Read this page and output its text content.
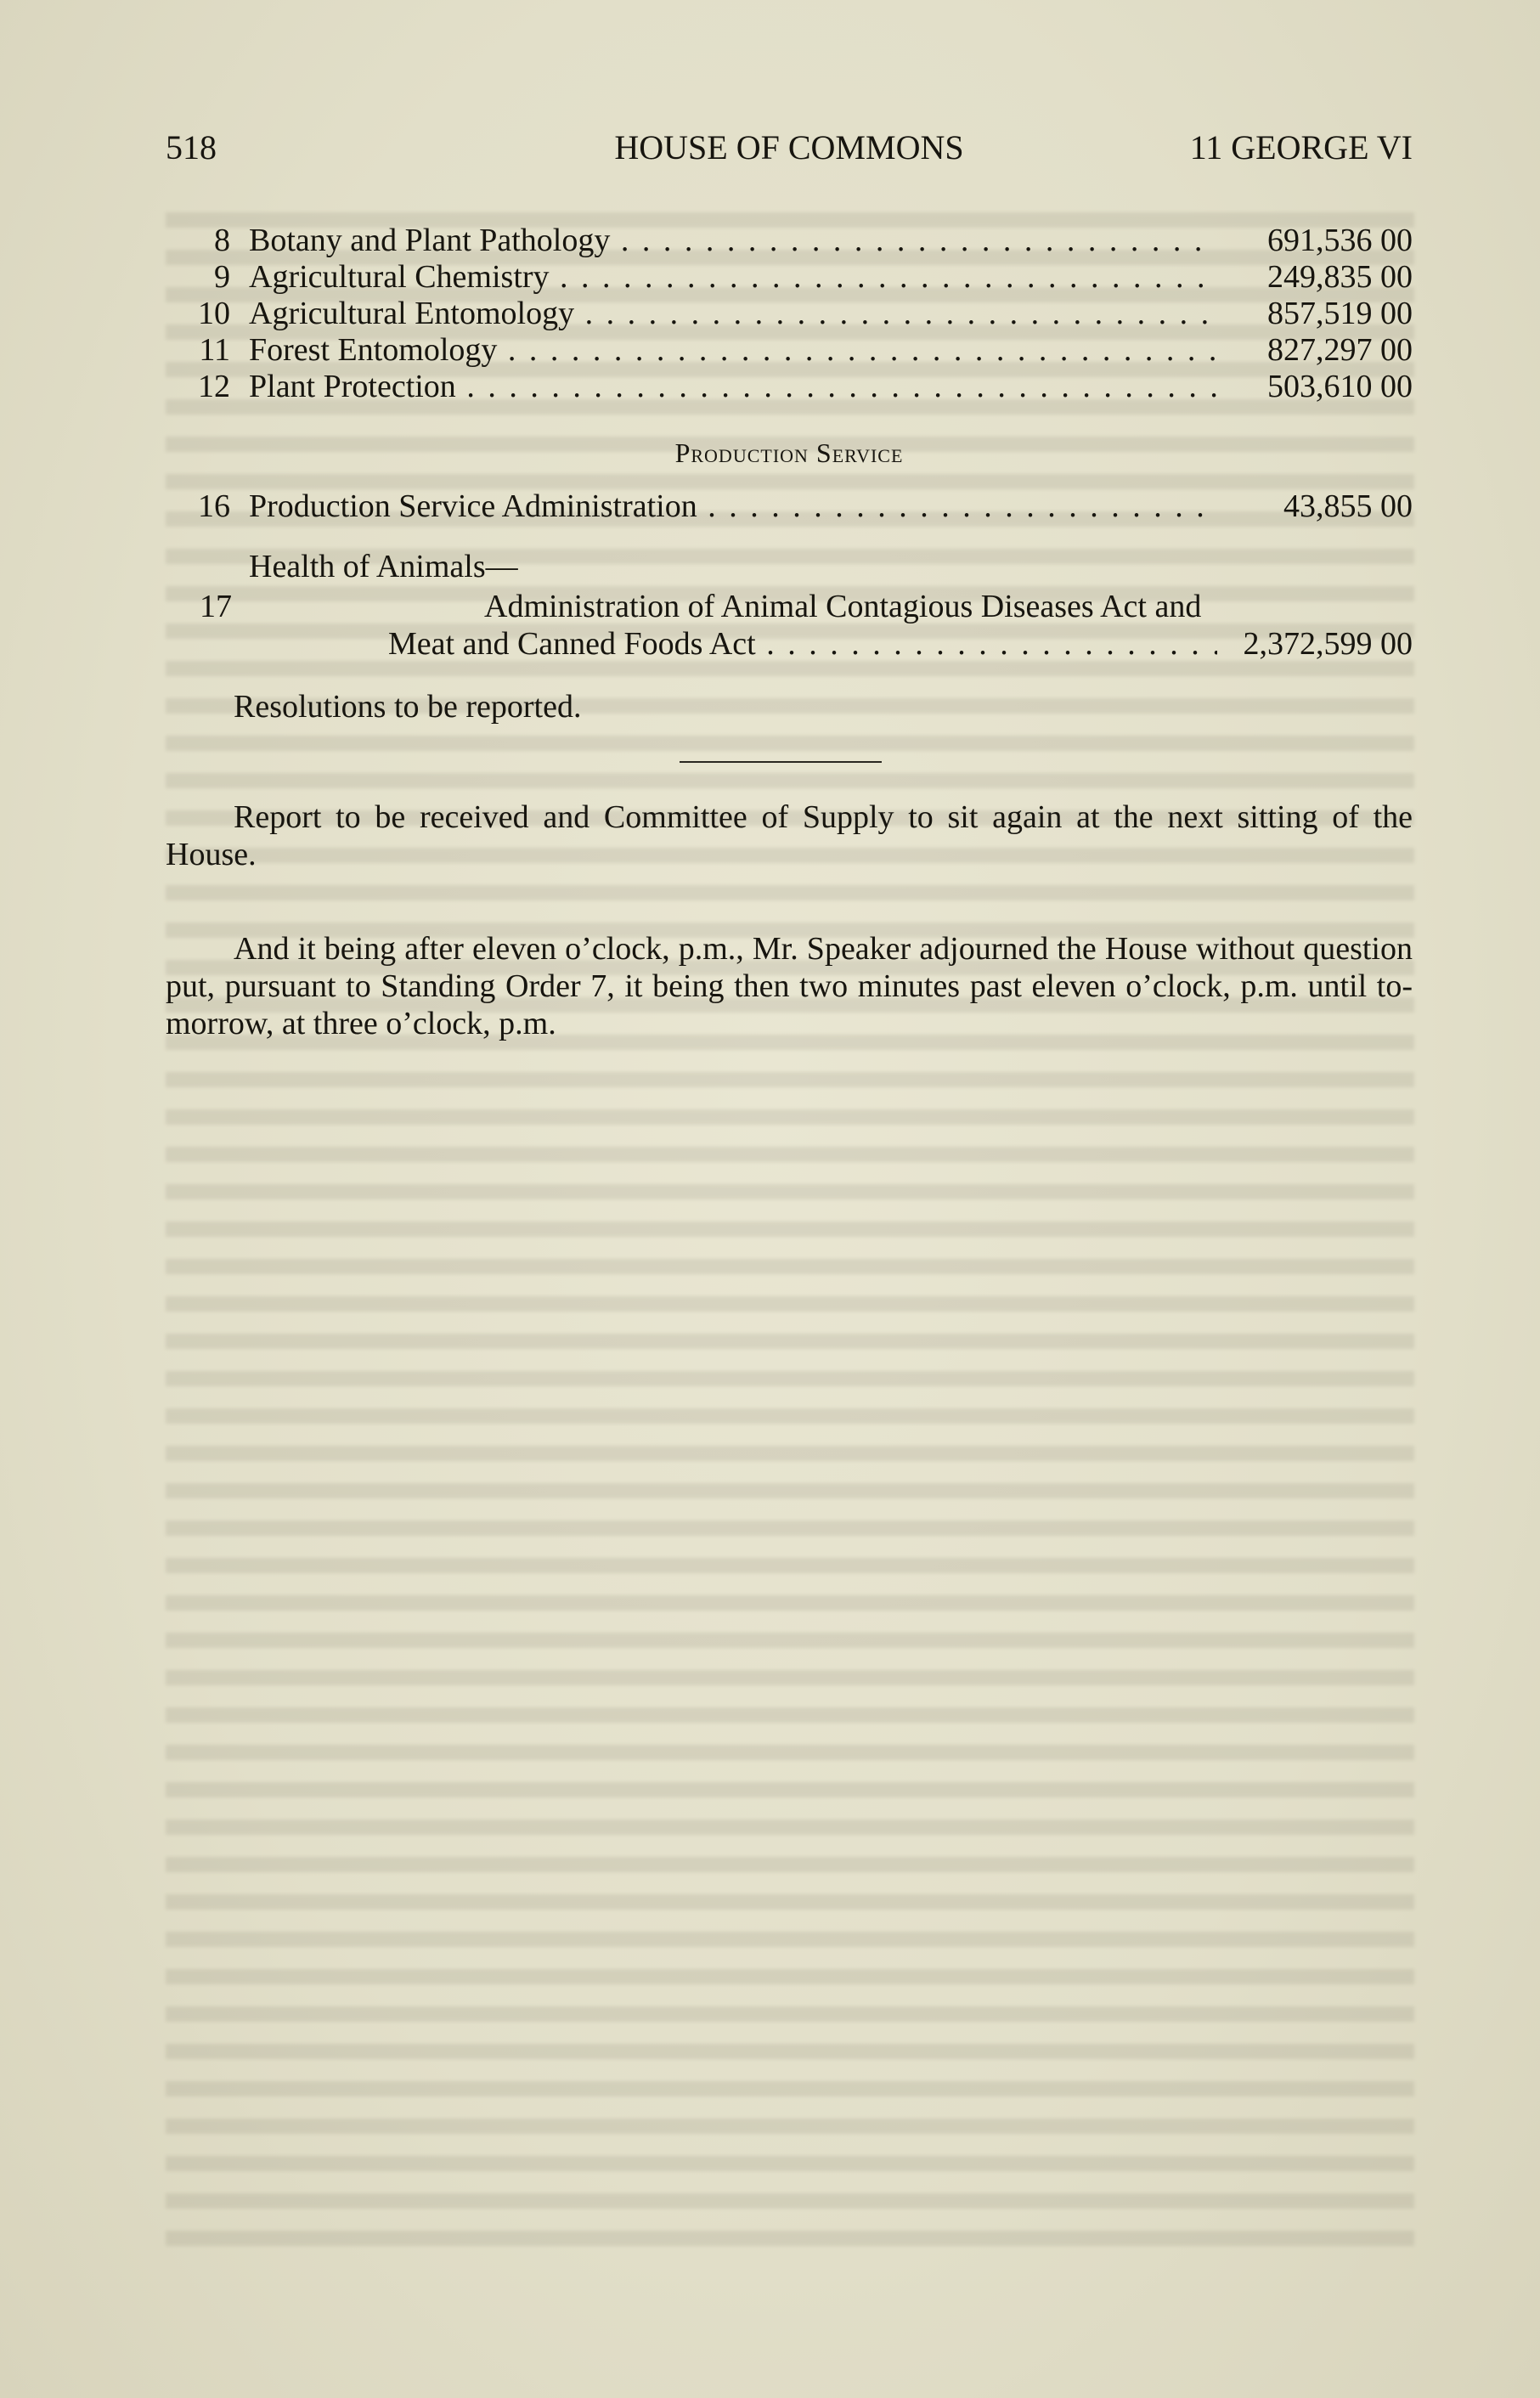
518	HOUSE OF COMMONS	11 GEORGE VI
8 Botany and Plant Pathology . . .	691,536 00
9 Agricultural Chemistry . . .	249,835 00
10 Agricultural Entomology . . .	857,519 00
11 Forest Entomology . . .	827,297 00
12 Plant Protection . . .	503,610 00
Production Service
16 Production Service Administration . . .	43,855 00
Health of Animals—
17	Administration of Animal Contagious Diseases Act and
Meat and Canned Foods Act . . .	2,372,599 00
Resolutions to be reported.

Report to be received and Committee of Supply to sit again at the next sitting of the House.

And it being after eleven o’clock, p.m., Mr. Speaker adjourned the House without question put, pursuant to Standing Order 7, it being then two minutes past eleven o’clock, p.m. until to-morrow, at three o’clock, p.m.
